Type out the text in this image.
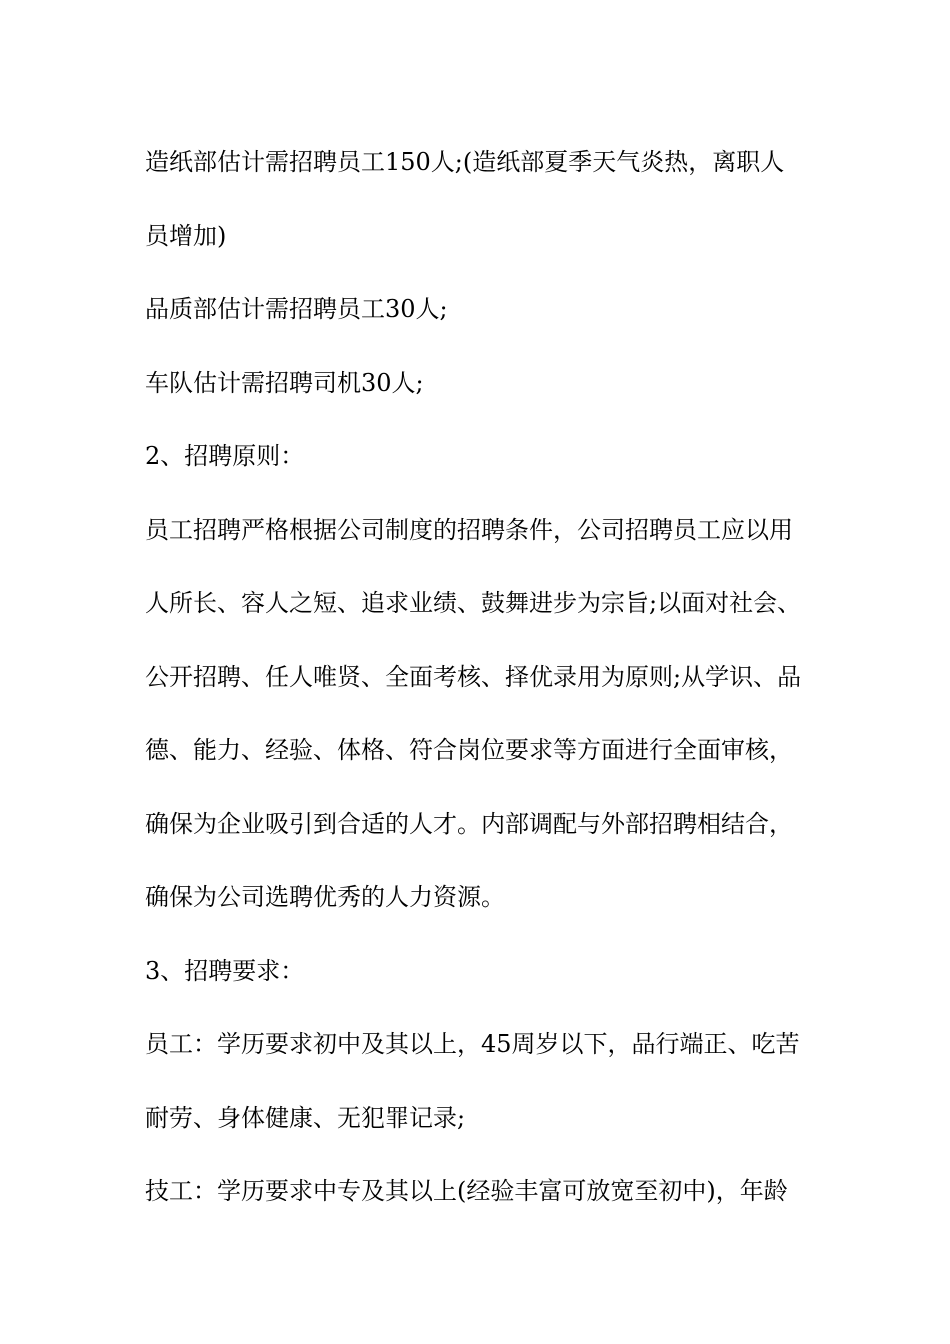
造纸部估计需招聘员工150人;(造纸部夏季天气炎热，离职人
员增加)
品质部估计需招聘员工30人;
车队估计需招聘司机30人;
2、招聘原则：
员工招聘严格根据公司制度的招聘条件，公司招聘员工应以用
人所长、容人之短、追求业绩、鼓舞进步为宗旨;以面对社会、
公开招聘、任人唯贤、全面考核、择优录用为原则;从学识、品
德、能力、经验、体格、符合岗位要求等方面进行全面审核，
确保为企业吸引到合适的人才。内部调配与外部招聘相结合，
确保为公司选聘优秀的人力资源。
3、招聘要求：
员工：学历要求初中及其以上，45周岁以下，品行端正、吃苦
耐劳、身体健康、无犯罪记录;
技工：学历要求中专及其以上(经验丰富可放宽至初中)，年龄
